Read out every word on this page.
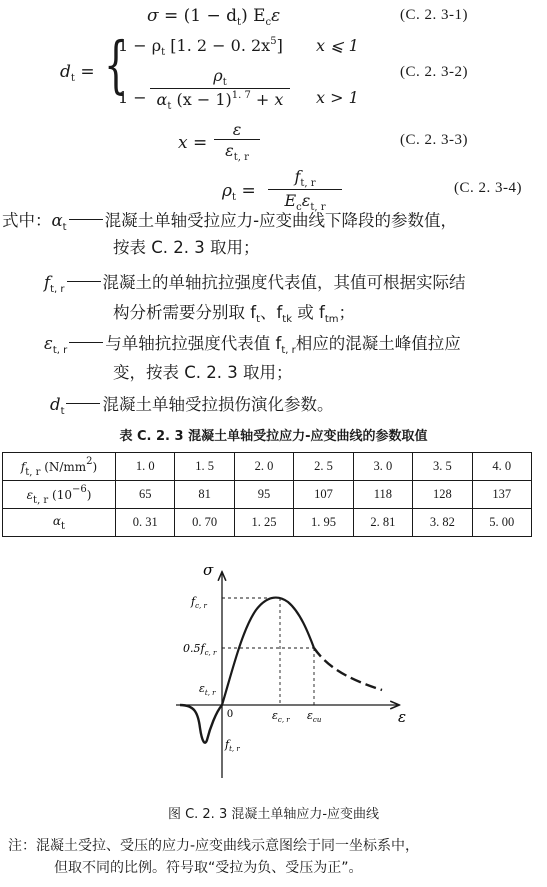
$\sigma = (1 - d_t)$ $E_c\varepsilon$	(C. 2. 3-1)
$d_t$ = {
$1 - \rho_t$ [1. 2 − 0. $2x^5$] x ⩽ 1
$1 - \frac{\rho_t}{\alpha_t (x - 1)^{1. 7} + x}$ x > 1
(C. 2. 3-2)
$x = \frac{\varepsilon}{\varepsilon_{t, r}}$	(C. 2. 3-3)
$\rho_t$ =
$f_{t, r}$
$E_c\varepsilon_{t, r}$
(C. 2. 3-4)
式中：$\alpha_t$ 混凝土单轴受拉应力-应变曲线下降段的参数值，
按表 C. 2. 3 取用；
$f_{t, r}$ 混凝土的单轴抗拉强度代表值，其值可根据实际结
构分析需要分别取 $f_t$、$f_{tk}$ 或 $f_{tm}$；
$\varepsilon_{t, r}$ 与单轴抗拉强度代表值 $f_{t, r}$相应的混凝土峰值拉应
变，按表 C. 2. 3 取用；
$d_t$ 混凝土单轴受拉损伤演化参数。
表 C. 2. 3 混凝土单轴受拉应力-应变曲线的参数取值
$f_{t, r}$ $(N/mm^2)$	1. 0	1. 5	2. 0	2. 5	3. 0	3. 5	4. 0
$\varepsilon_{t, r}$ $(10^{-6})$	65	81	95	107	118	128	137
$\alpha_t$	0. 31	0. 70	1. 25	1. 95	2. 81	3. 82	5. 00
σ
ε
0
$f_{c, r}$
$0.5f_{c, r}$
$\varepsilon_{t, r}$
$f_{t, r}$
$\varepsilon_{c, r}$ $\varepsilon_{cu}$
图 C. 2. 3 混凝土单轴应力-应变曲线
注：混凝土受拉、受压的应力-应变曲线示意图绘于同一坐标系中，
但取不同的比例。符号取“受拉为负、受压为正”。
